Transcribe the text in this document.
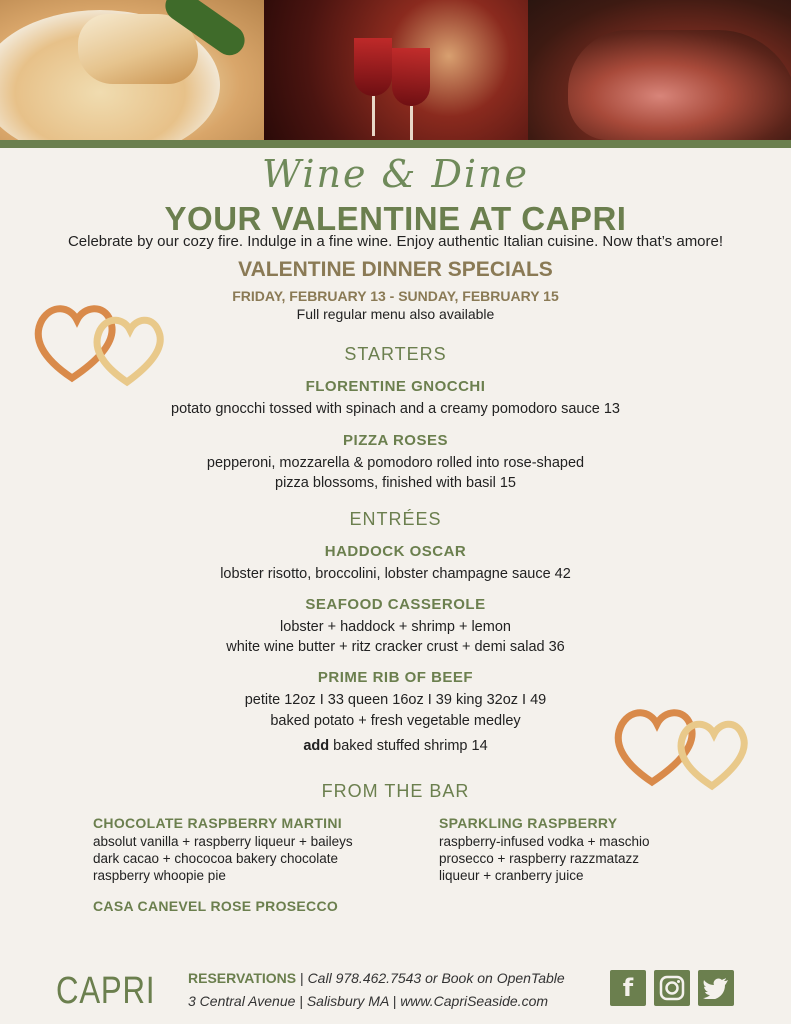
Wine & Dine
YOUR VALENTINE AT CAPRI
Celebrate by our cozy fire. Indulge in a fine wine. Enjoy authentic Italian cuisine. Now that’s amore!
VALENTINE DINNER SPECIALS
FRIDAY, FEBRUARY 13 - SUNDAY, FEBRUARY 15
Full regular menu also available
STARTERS
FLORENTINE GNOCCHI
potato gnocchi tossed with spinach and a creamy pomodoro sauce 13
PIZZA ROSES
pepperoni, mozzarella & pomodoro rolled into rose-shaped
pizza blossoms, finished with basil 15
ENTRÉES
HADDOCK OSCAR
lobster risotto, broccolini, lobster champagne sauce 42
SEAFOOD CASSEROLE
lobster + haddock + shrimp + lemon
white wine butter + ritz cracker crust + demi salad 36
PRIME RIB OF BEEF
petite 12oz I 33 queen 16oz I 39 king 32oz I 49
baked potato + fresh vegetable medley
add baked stuffed shrimp 14
FROM THE BAR
CHOCOLATE RASPBERRY MARTINI
absolut vanilla + raspberry liqueur + baileys
dark cacao + chococoa bakery chocolate
raspberry whoopie pie
CASA CANEVEL ROSE PROSECCO
SPARKLING RASPBERRY
raspberry-infused vodka + maschio
prosecco + raspberry razzmatazz
liqueur + cranberry juice
CAPRI RESERVATIONS | Call 978.462.7543 or Book on OpenTable
3 Central Avenue | Salisbury MA | www.CapriSeaside.com	f
